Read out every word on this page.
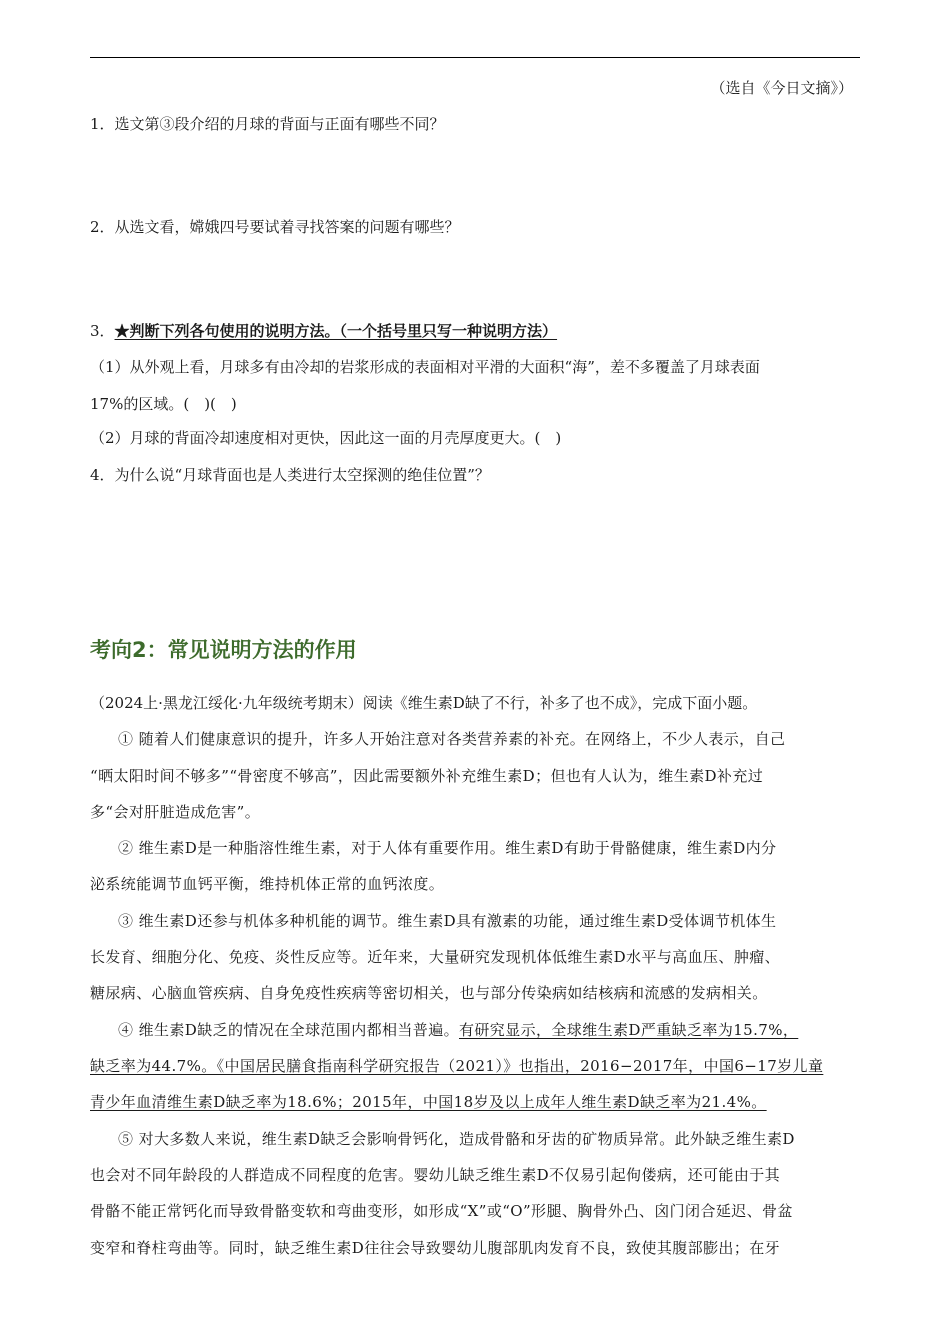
（选自《今日文摘》）
1．选文第③段介绍的月球的背面与正面有哪些不同？
2．从选文看，嫦娥四号要试着寻找答案的问题有哪些？
3．★判断下列各句使用的说明方法。（一个括号里只写一种说明方法）
（1）从外观上看，月球多有由冷却的岩浆形成的表面相对平滑的大面积“海”，差不多覆盖了月球表面
17%的区域。(　)(　)
（2）月球的背面冷却速度相对更快，因此这一面的月壳厚度更大。(　)
4．为什么说“月球背面也是人类进行太空探测的绝佳位置”？
考向2：常见说明方法的作用
（2024上·黑龙江绥化·九年级统考期末）阅读《维生素D缺了不行，补多了也不成》，完成下面小题。
① 随着人们健康意识的提升，许多人开始注意对各类营养素的补充。在网络上，不少人表示，自己
“晒太阳时间不够多”“骨密度不够高”，因此需要额外补充维生素D；但也有人认为，维生素D补充过
多“会对肝脏造成危害”。
② 维生素D是一种脂溶性维生素，对于人体有重要作用。维生素D有助于骨骼健康，维生素D内分
泌系统能调节血钙平衡，维持机体正常的血钙浓度。
③ 维生素D还参与机体多种机能的调节。维生素D具有激素的功能，通过维生素D受体调节机体生
长发育、细胞分化、免疫、炎性反应等。近年来，大量研究发现机体低维生素D水平与高血压、肿瘤、
糖尿病、心脑血管疾病、自身免疫性疾病等密切相关，也与部分传染病如结核病和流感的发病相关。
④ 维生素D缺乏的情况在全球范围内都相当普遍。有研究显示，全球维生素D严重缺乏率为15.7%，
缺乏率为44.7%。《中国居民膳食指南科学研究报告（2021）》也指出，2016−2017年，中国6−17岁儿童
青少年血清维生素D缺乏率为18.6%；2015年，中国18岁及以上成年人维生素D缺乏率为21.4%。
⑤ 对大多数人来说，维生素D缺乏会影响骨钙化，造成骨骼和牙齿的矿物质异常。此外缺乏维生素D
也会对不同年龄段的人群造成不同程度的危害。婴幼儿缺乏维生素D不仅易引起佝偻病，还可能由于其
骨骼不能正常钙化而导致骨骼变软和弯曲变形，如形成“X”或“O”形腿、胸骨外凸、囟门闭合延迟、骨盆
变窄和脊柱弯曲等。同时，缺乏维生素D往往会导致婴幼儿腹部肌肉发育不良，致使其腹部膨出；在牙
